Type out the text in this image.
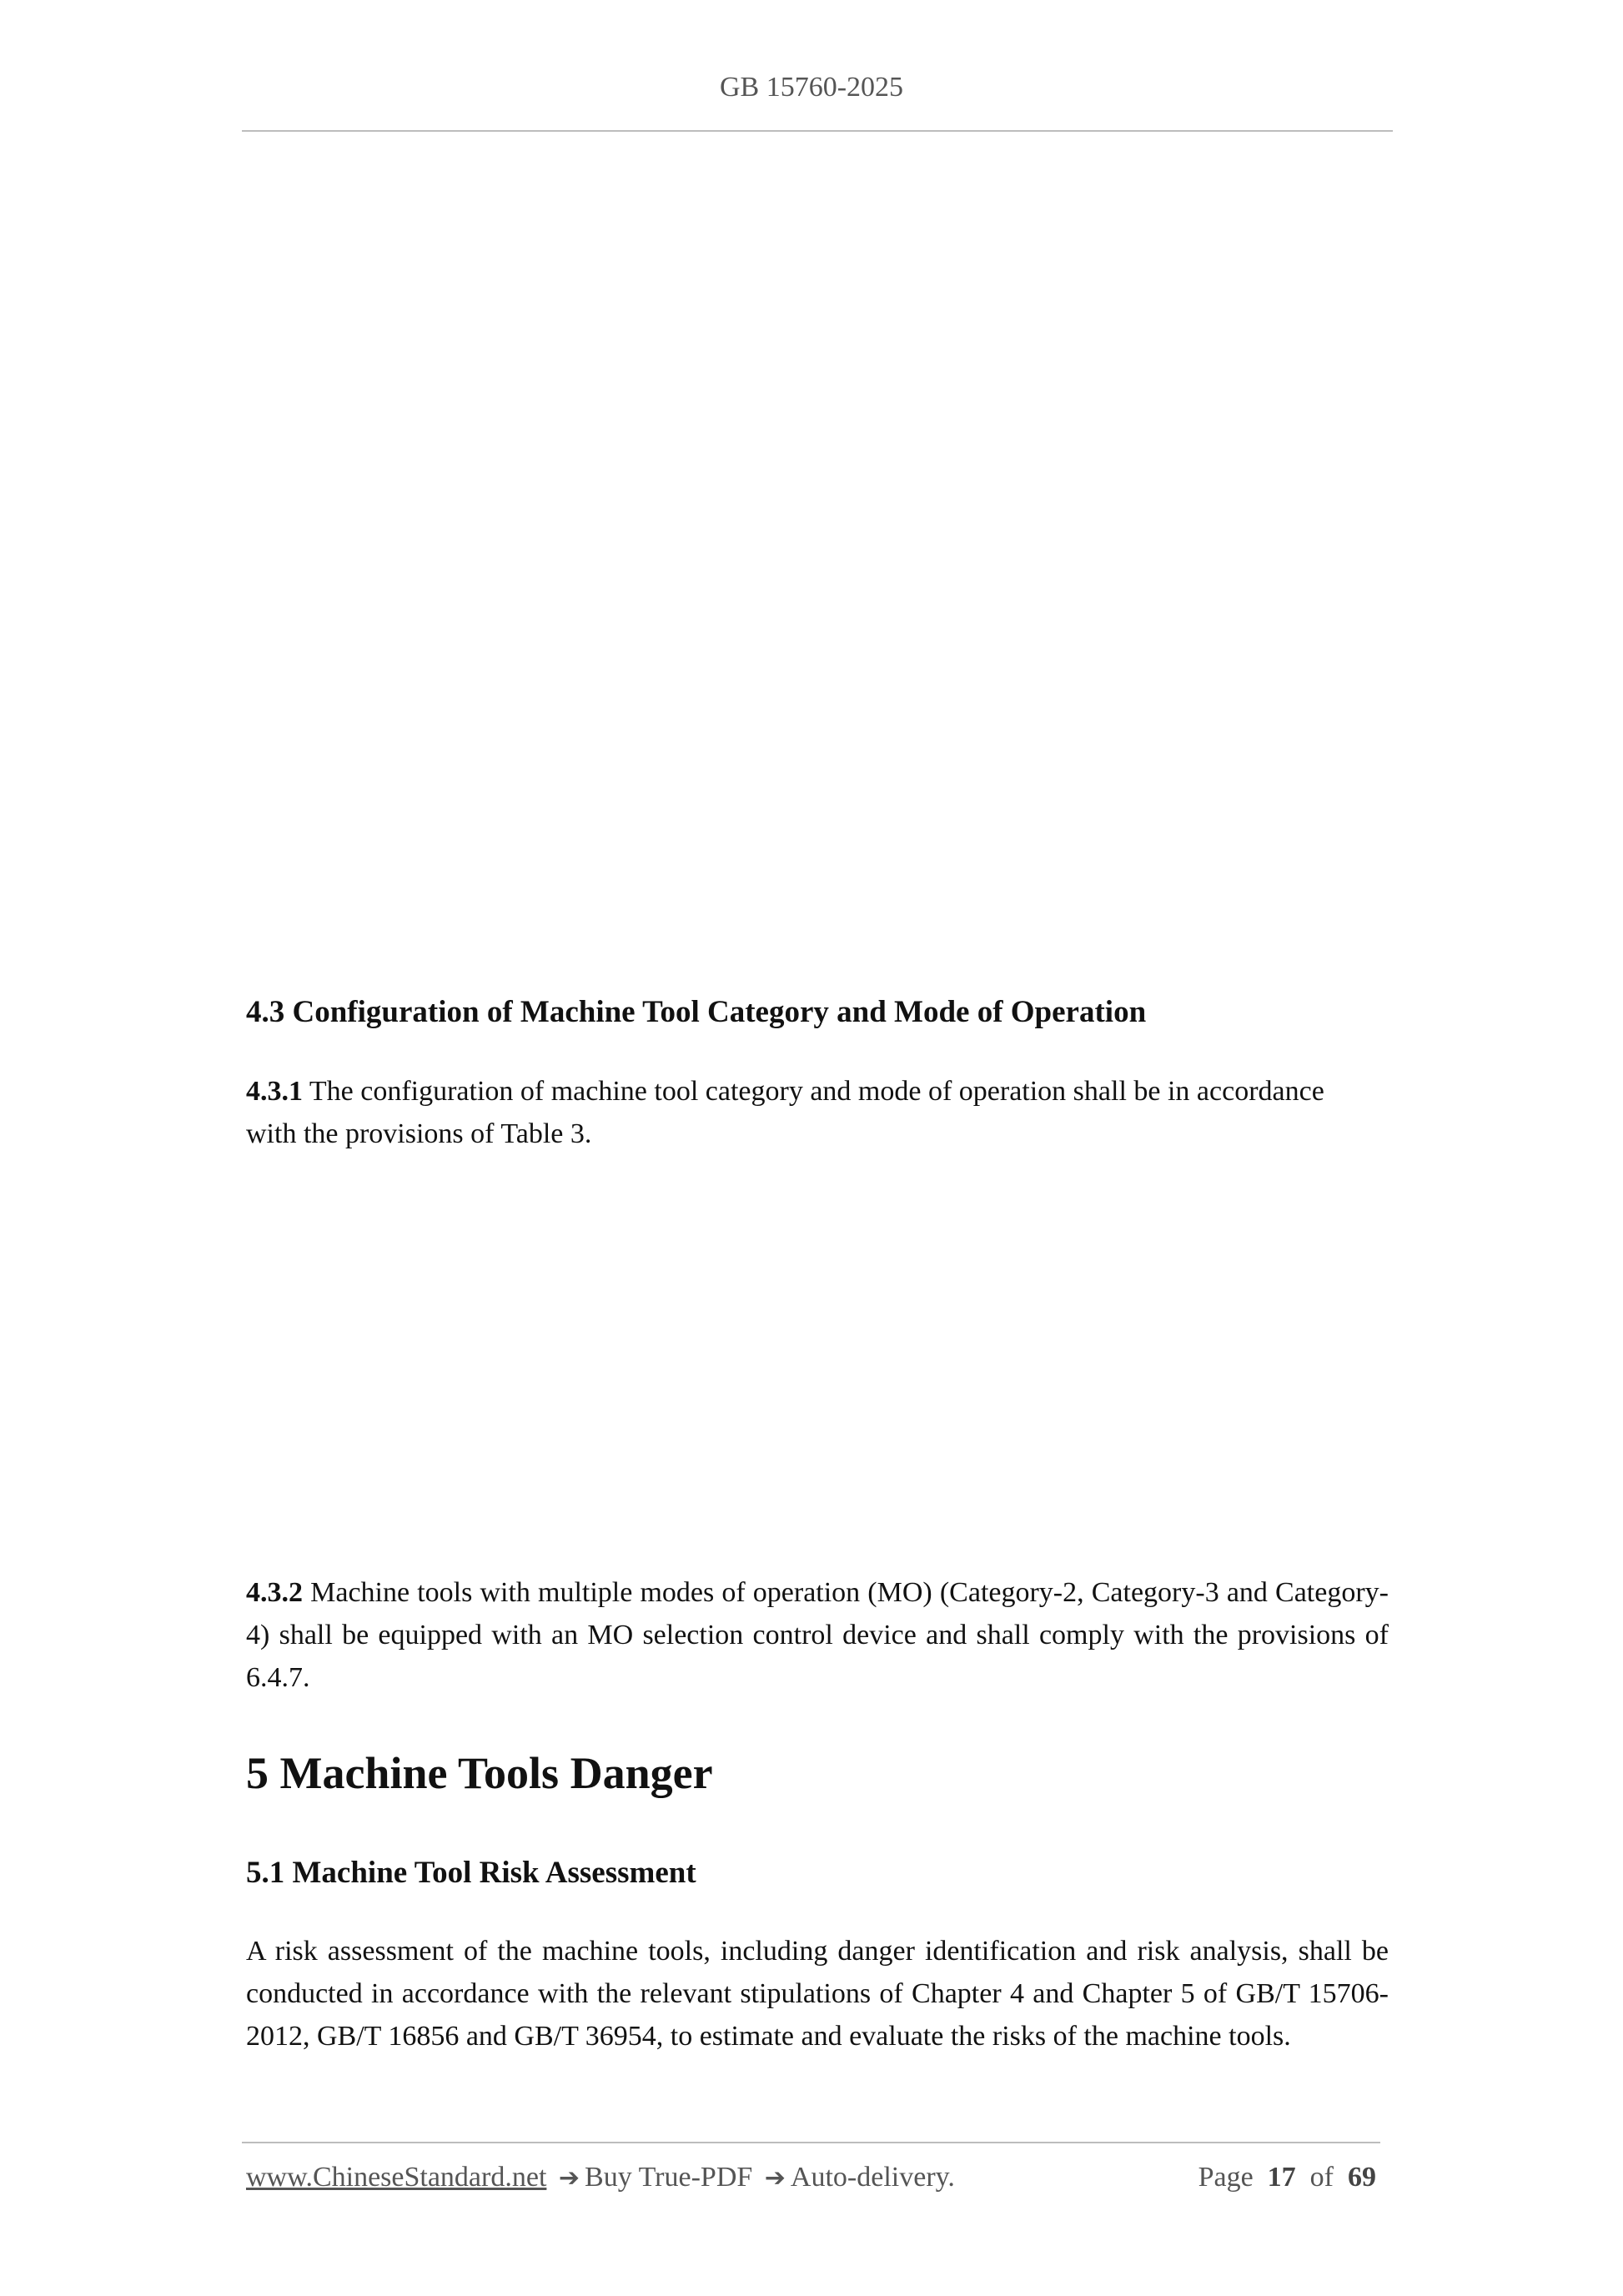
GB 15760-2025
4.3 Configuration of Machine Tool Category and Mode of Operation

4.3.1 The configuration of machine tool category and mode of operation shall be in accordance
with the provisions of Table 3.

4.3.2 Machine tools with multiple modes of operation (MO) (Category-2, Category-3 and Category-4) shall be equipped with an MO selection control device and shall comply with the provisions of 6.4.7.

5 Machine Tools Danger
5.1 Machine Tool Risk Assessment

A risk assessment of the machine tools, including danger identification and risk analysis, shall be conducted in accordance with the relevant stipulations of Chapter 4 and Chapter 5 of GB/T 15706-2012, GB/T 16856 and GB/T 36954, to estimate and evaluate the risks of the machine tools.

www.ChineseStandard.net ➔ Buy True-PDF ➔ Auto-delivery.	Page 17 of 69
